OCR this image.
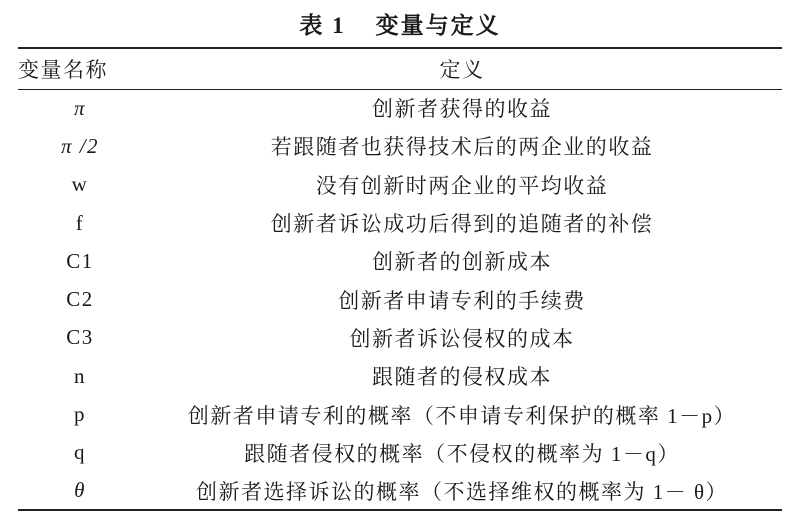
表 1 变量与定义
变量名称	定义
π	创新者获得的收益
π /2	若跟随者也获得技术后的两企业的收益
w	没有创新时两企业的平均收益
f	创新者诉讼成功后得到的追随者的补偿
C1	创新者的创新成本
C2	创新者申请专利的手续费
C3	创新者诉讼侵权的成本
n	跟随者的侵权成本
p	创新者申请专利的概率（不申请专利保护的概率 1－p）
q	跟随者侵权的概率（不侵权的概率为 1－q）
θ	创新者选择诉讼的概率（不选择维权的概率为 1－ θ）
